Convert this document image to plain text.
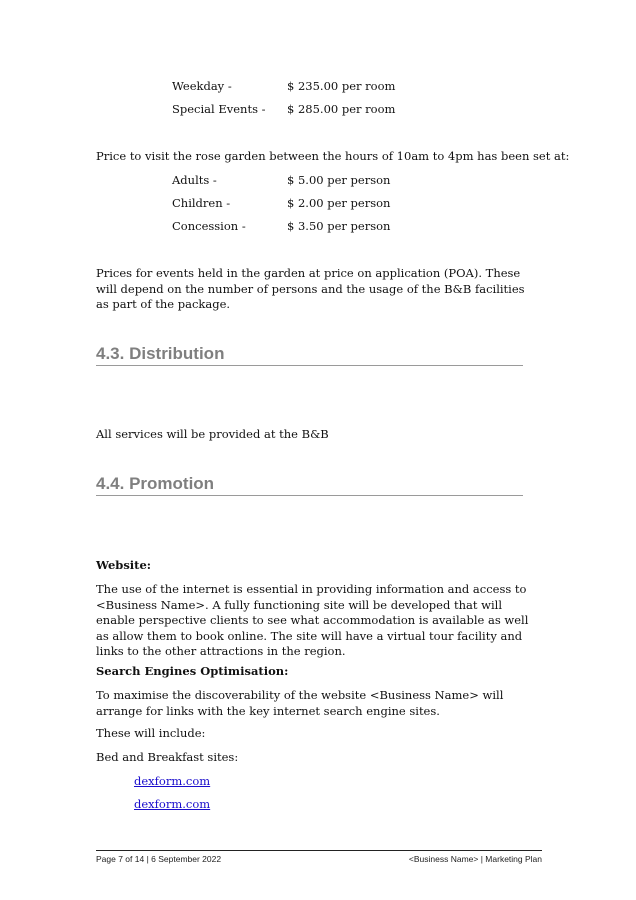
Weekday -	$ 235.00 per room
Special Events - $ 285.00 per room
Price to visit the rose garden between the hours of 10am to 4pm has been set at:
Adults -	$ 5.00 per person
Children -	$ 2.00 per person
Concession -	$ 3.50 per person
Prices for events held in the garden at price on application (POA). These will depend on the number of persons and the usage of the B&B facilities as part of the package.
4.3. Distribution
All services will be provided at the B&B
4.4. Promotion
Website:
The use of the internet is essential in providing information and access to <Business Name>. A fully functioning site will be developed that will enable perspective clients to see what accommodation is available as well as allow them to book online. The site will have a virtual tour facility and links to the other attractions in the region.
Search Engines Optimisation:
To maximise the discoverability of the website <Business Name> will arrange for links with the key internet search engine sites.
These will include:
Bed and Breakfast sites:
dexform.com
dexform.com
Page 7 of 14 | 6 September 2022	<Business Name> | Marketing Plan
